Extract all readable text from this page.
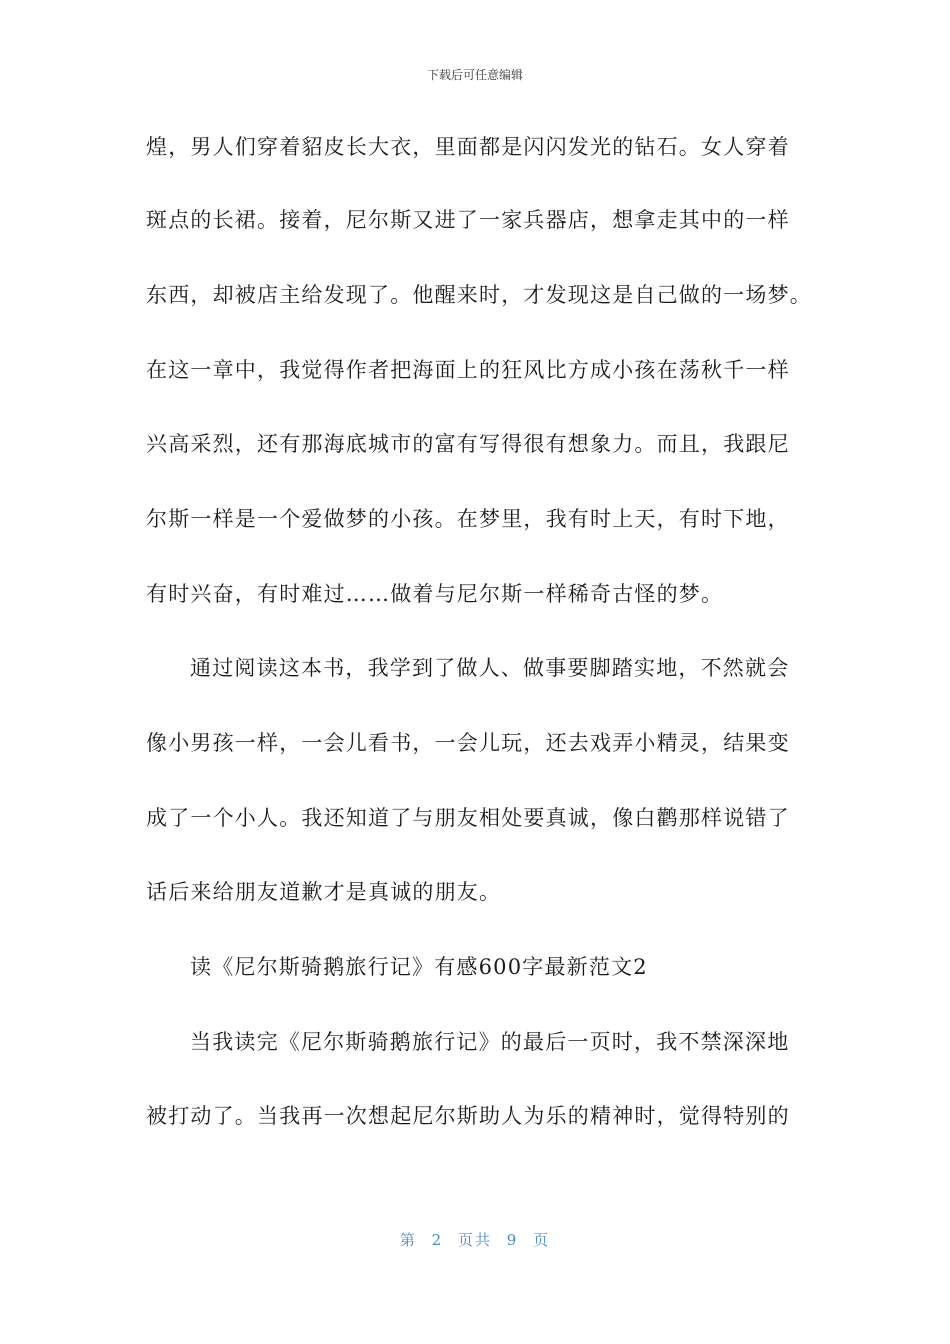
下载后可任意编辑
煌，男人们穿着貂皮长大衣，里面都是闪闪发光的钻石。女人穿着
斑点的长裙。接着，尼尔斯又进了一家兵器店，想拿走其中的一样
东西，却被店主给发现了。他醒来时，才发现这是自己做的一场梦。
在这一章中，我觉得作者把海面上的狂风比方成小孩在荡秋千一样
兴高采烈，还有那海底城市的富有写得很有想象力。而且，我跟尼
尔斯一样是一个爱做梦的小孩。在梦里，我有时上天，有时下地，
有时兴奋，有时难过……做着与尼尔斯一样稀奇古怪的梦。
通过阅读这本书，我学到了做人、做事要脚踏实地，不然就会
像小男孩一样，一会儿看书，一会儿玩，还去戏弄小精灵，结果变
成了一个小人。我还知道了与朋友相处要真诚，像白鹳那样说错了
话后来给朋友道歉才是真诚的朋友。
读《尼尔斯骑鹅旅行记》有感600字最新范文2
当我读完《尼尔斯骑鹅旅行记》的最后一页时，我不禁深深地
被打动了。当我再一次想起尼尔斯助人为乐的精神时，觉得特别的
第 2 页共 9 页
